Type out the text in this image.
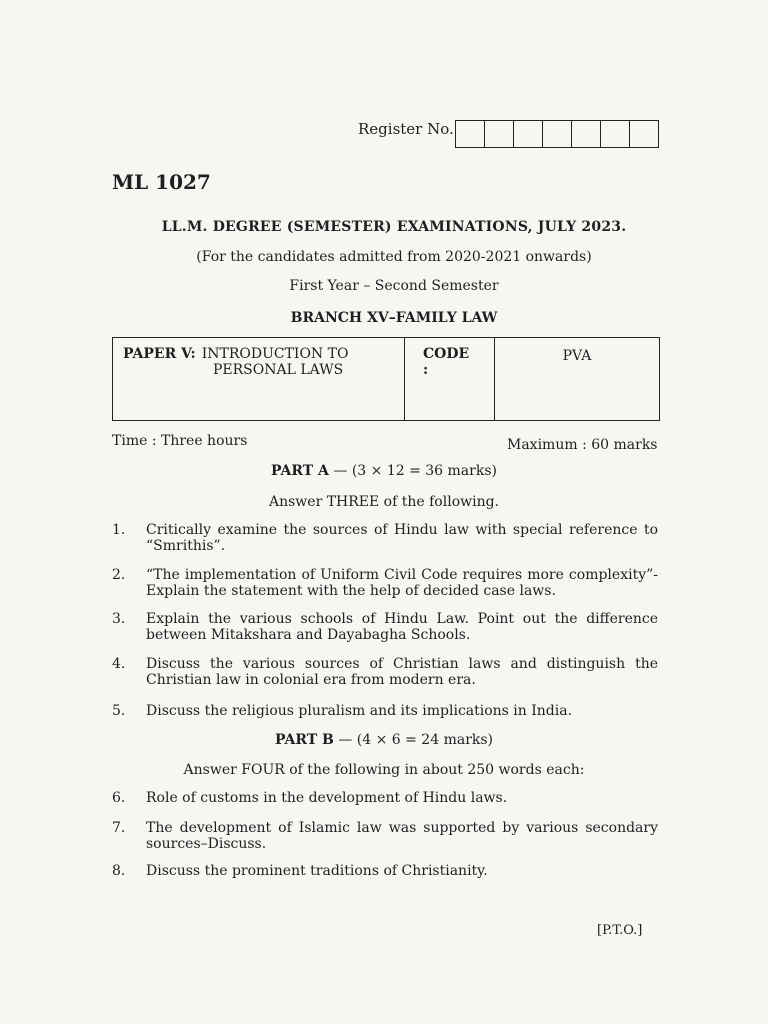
Register No.
ML 1027
LL.M. DEGREE (SEMESTER) EXAMINATIONS, JULY 2023.
(For the candidates admitted from 2020-2021 onwards)
First Year – Second Semester
BRANCH XV–FAMILY LAW
PAPER V: INTRODUCTION TO
PERSONAL LAWS
CODE :
PVA
Time : Three hours	Maximum : 60 marks
PART A — (3 × 12 = 36 marks)
Answer THREE of the following.
1. Critically examine the sources of Hindu law with special reference to “Smrithis”.
2. “The implementation of Uniform Civil Code requires more complexity”- Explain the statement with the help of decided case laws.
3. Explain the various schools of Hindu Law. Point out the difference between Mitakshara and Dayabagha Schools.
4. Discuss the various sources of Christian laws and distinguish the Christian law in colonial era from modern era.
5. Discuss the religious pluralism and its implications in India.
PART B — (4 × 6 = 24 marks)
Answer FOUR of the following in about 250 words each:
6. Role of customs in the development of Hindu laws.
7. The development of Islamic law was supported by various secondary sources–Discuss.
8. Discuss the prominent traditions of Christianity.
[P.T.O.]
